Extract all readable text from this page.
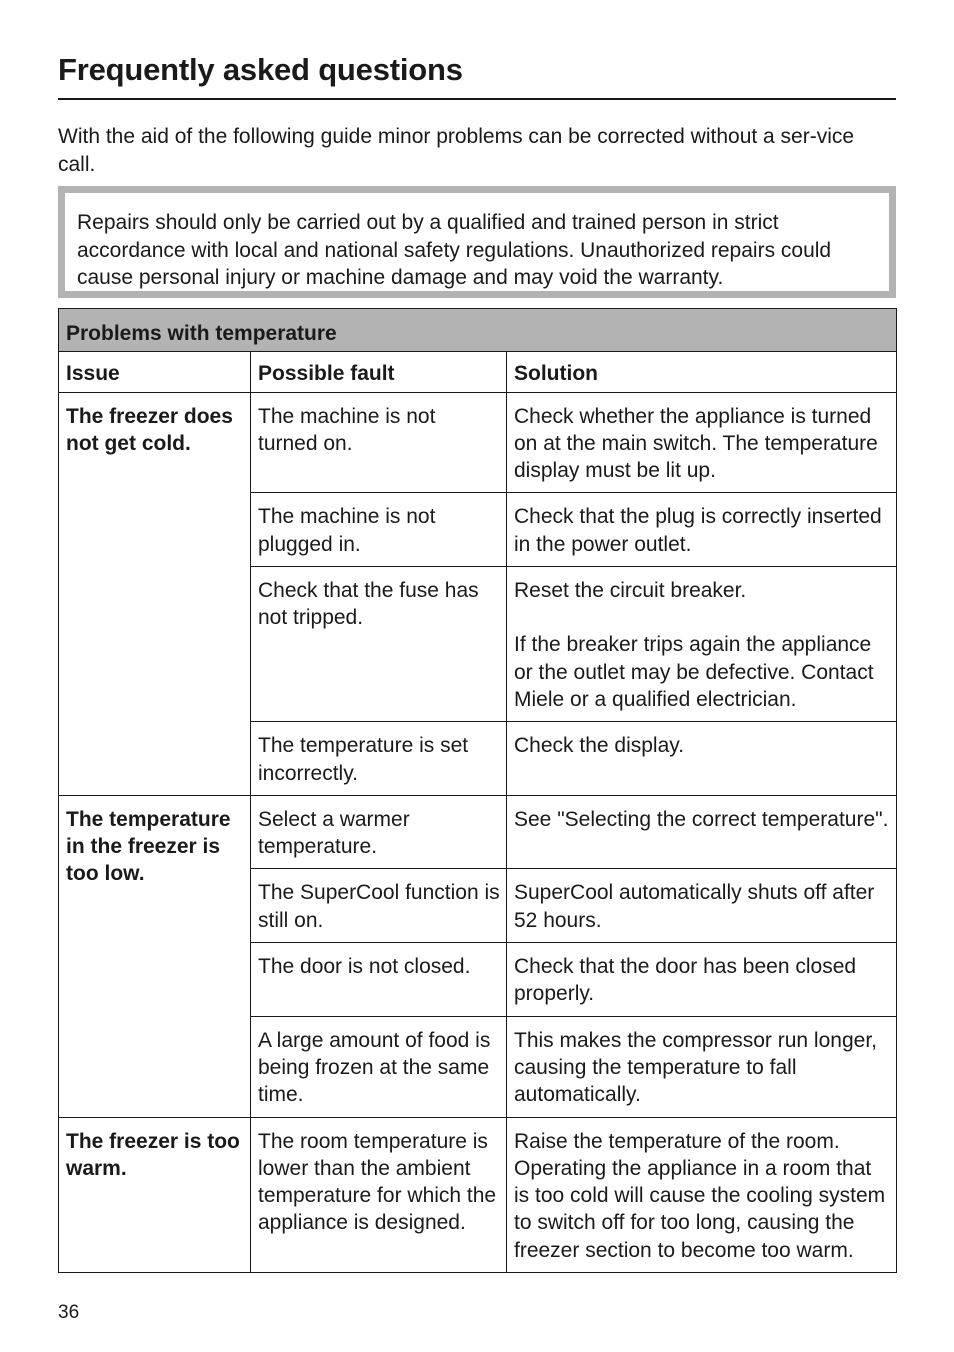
Frequently asked questions
With the aid of the following guide minor problems can be corrected without a ser-vice call.
Repairs should only be carried out by a qualified and trained person in strict accordance with local and national safety regulations. Unauthorized repairs could cause personal injury or machine damage and may void the warranty.
Problems with temperature		
Issue	Possible fault	Solution
The freezer does not get cold.	The machine is not turned on.	Check whether the appliance is turned on at the main switch. The temperature display must be lit up.

	The machine is not plugged in.	Check that the plug is correctly inserted in the power outlet.

	Check that the fuse has not tripped.	Reset the circuit breaker.
If the breaker trips again the appliance or the outlet may be defective. Contact Miele or a qualified electrician.

	The temperature is set incorrectly.	Check the display.

The temperature in the freezer is too low.	Select a warmer temperature.	See "Selecting the correct temperature".

	The SuperCool function is still on.	SuperCool automatically shuts off after 52 hours.

	The door is not closed.	Check that the door has been closed properly.

	A large amount of food is being frozen at the same time.	This makes the compressor run longer, causing the temperature to fall automatically.

The freezer is too warm.	The room temperature is lower than the ambient temperature for which the appliance is designed.	Raise the temperature of the room. Operating the appliance in a room that is too cold will cause the cooling system to switch off for too long, causing the freezer section to become too warm.
36
